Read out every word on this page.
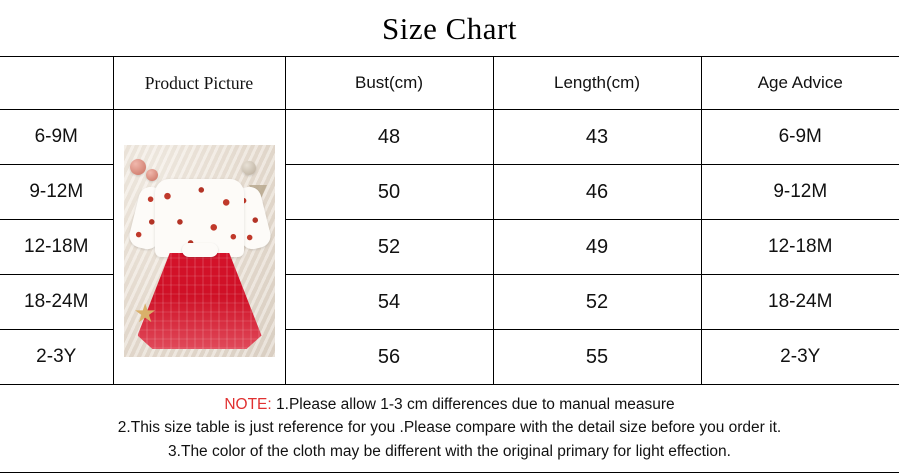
Size Chart
	Product Picture	Bust(cm)	Length(cm)	Age Advice
6-9M		48	43	6-9M
9-12M		50	46	9-12M
12-18M		52	49	12-18M
18-24M		54	52	18-24M
2-3Y		56	55	2-3Y
NOTE: 1.Please allow 1-3 cm differences due to manual measure
2.This size table is just reference for you .Please compare with the detail size before you order it.
3.The color of the cloth may be different with the original primary for light effection.
